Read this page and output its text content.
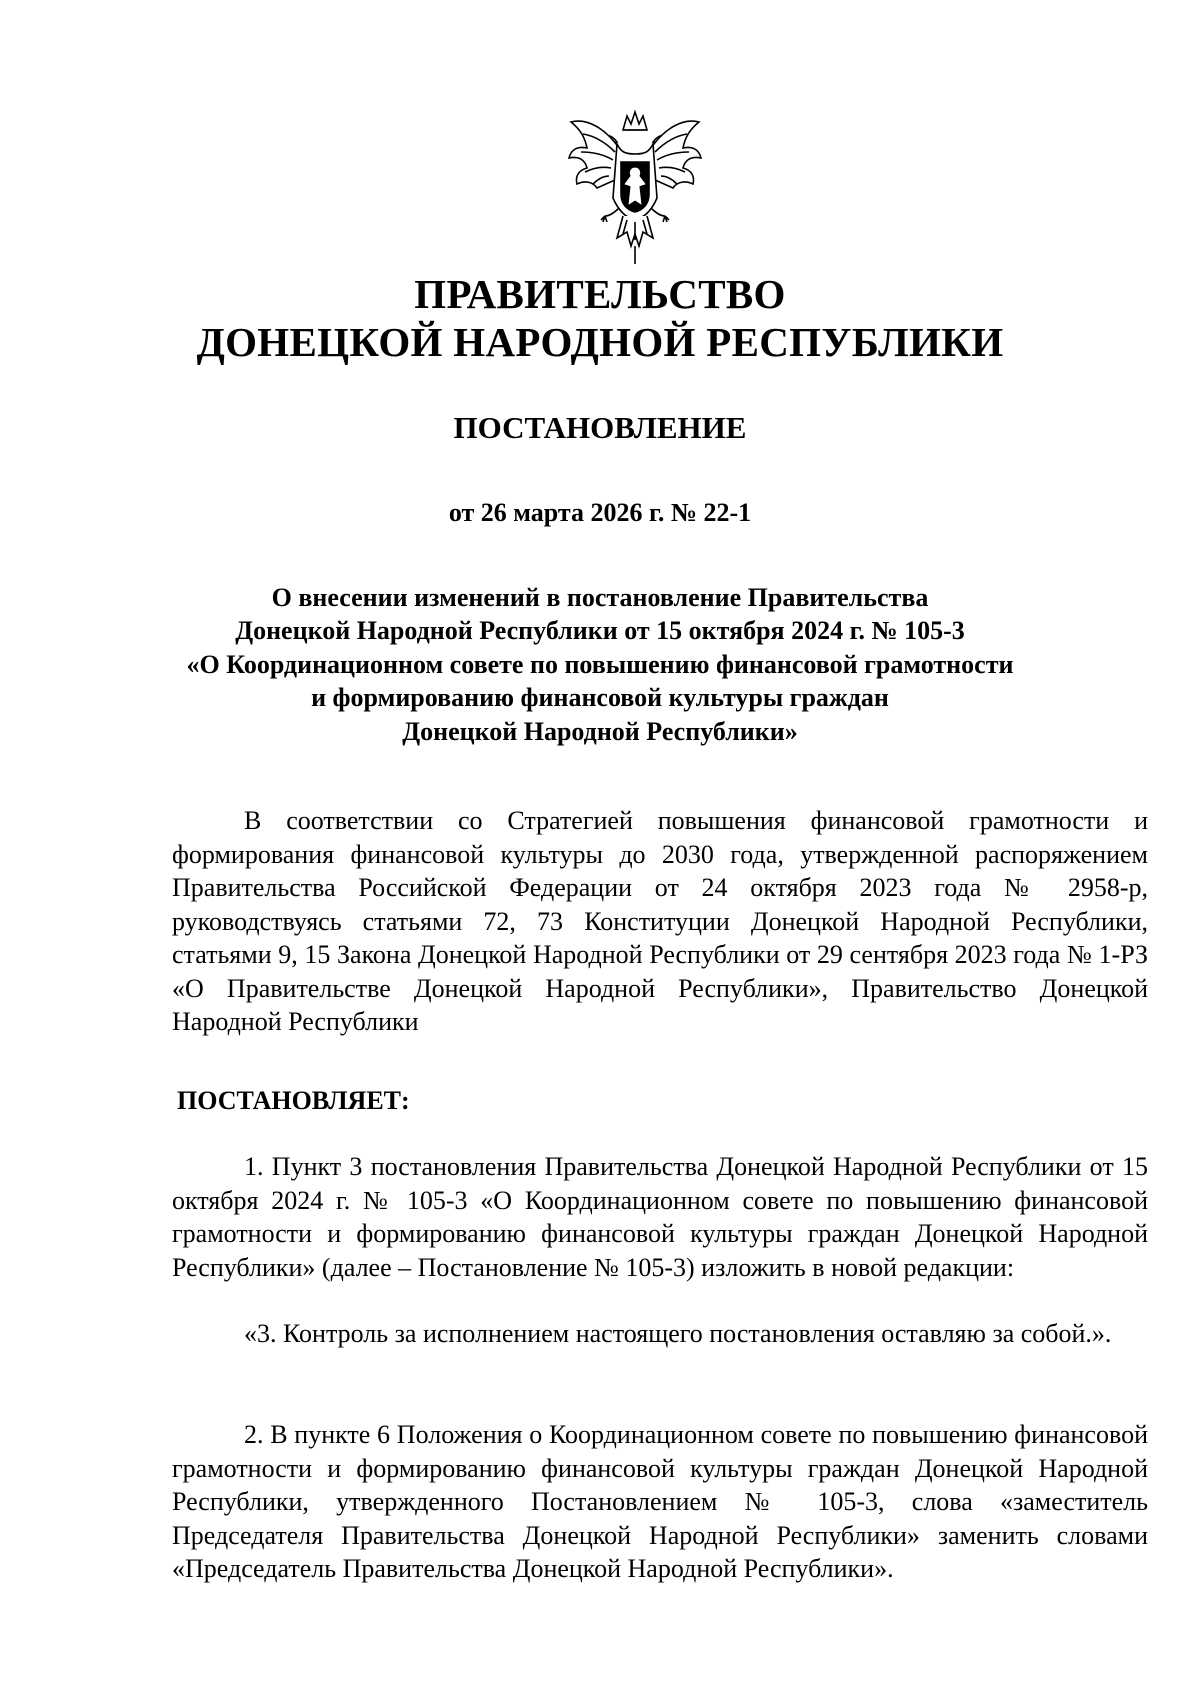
ПРАВИТЕЛЬСТВО
ДОНЕЦКОЙ НАРОДНОЙ РЕСПУБЛИКИ
ПОСТАНОВЛЕНИЕ
от 26 марта 2026 г. № 22-1
О внесении изменений в постановление Правительства
Донецкой Народной Республики от 15 октября 2024 г. № 105-3
«О Координационном совете по повышению финансовой грамотности
и формированию финансовой культуры граждан
Донецкой Народной Республики»

В соответствии со Стратегией повышения финансовой грамотности и формирования финансовой культуры до 2030 года, утвержденной распоряжением Правительства Российской Федерации от 24 октября 2023 года № 2958-р, руководствуясь статьями 72, 73 Конституции Донецкой Народной Республики, статьями 9, 15 Закона Донецкой Народной Республики от 29 сентября 2023 года № 1-РЗ «О Правительстве Донецкой Народной Республики», Правительство Донецкой Народной Республики

ПОСТАНОВЛЯЕТ:

1. Пункт 3 постановления Правительства Донецкой Народной Республики от 15 октября 2024 г. № 105-3 «О Координационном совете по повышению финансовой грамотности и формированию финансовой культуры граждан Донецкой Народной Республики» (далее – Постановление № 105-3) изложить в новой редакции:

«3. Контроль за исполнением настоящего постановления оставляю за собой.».

2. В пункте 6 Положения о Координационном совете по повышению финансовой грамотности и формированию финансовой культуры граждан Донецкой Народной Республики, утвержденного Постановлением № 105-3, слова «заместитель Председателя Правительства Донецкой Народной Республики» заменить словами «Председатель Правительства Донецкой Народной Республики».
